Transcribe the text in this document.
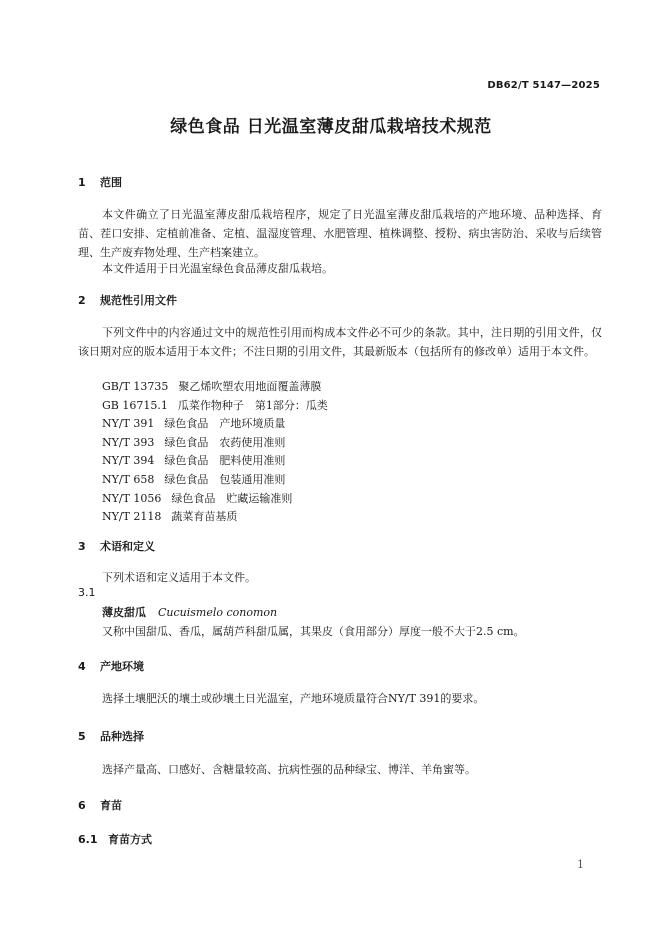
DB62/T 5147—2025
绿色食品 日光温室薄皮甜瓜栽培技术规范
1 范围
本文件确立了日光温室薄皮甜瓜栽培程序，规定了日光温室薄皮甜瓜栽培的产地环境、品种选择、育苗、茬口安排、定植前准备、定植、温湿度管理、水肥管理、植株调整、授粉、病虫害防治、采收与后续管理、生产废弃物处理、生产档案建立。
本文件适用于日光温室绿色食品薄皮甜瓜栽培。
2 规范性引用文件
下列文件中的内容通过文中的规范性引用而构成本文件必不可少的条款。其中，注日期的引用文件，仅该日期对应的版本适用于本文件；不注日期的引用文件，其最新版本（包括所有的修改单）适用于本文件。
GB/T 13735 聚乙烯吹塑农用地面覆盖薄膜
GB 16715.1 瓜菜作物种子　第1部分：瓜类
NY/T 391 绿色食品　产地环境质量
NY/T 393 绿色食品　农药使用准则
NY/T 394 绿色食品　肥料使用准则
NY/T 658 绿色食品　包装通用准则
NY/T 1056 绿色食品　贮藏运输准则
NY/T 2118 蔬菜育苗基质
3 术语和定义
下列术语和定义适用于本文件。
3.1
薄皮甜瓜 Cucuismelo conomon
又称中国甜瓜、香瓜，属葫芦科甜瓜属，其果皮（食用部分）厚度一般不大于2.5 cm。
4 产地环境
选择土壤肥沃的壤土或砂壤土日光温室，产地环境质量符合NY/T 391的要求。
5 品种选择
选择产量高、口感好、含糖量较高、抗病性强的品种绿宝、博洋、羊角蜜等。
6 育苗
6.1 育苗方式
1
